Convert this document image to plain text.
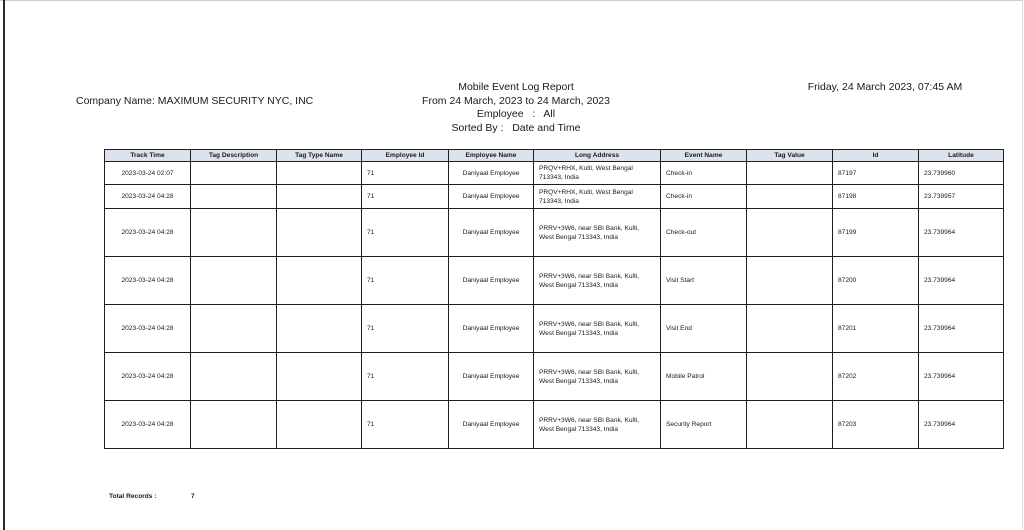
Company Name: MAXIMUM SECURITY NYC, INC
Mobile Event Log Report
From 24 March, 2023 to 24 March, 2023
Employee   :   All
Sorted By :   Date and Time
Friday, 24 March 2023, 07:45 AM
Track Time	Tag Description	Tag Type Name	Employee Id	Employee Name	Long Address	Event Name	Tag Value	Id	Latitude
2023-03-24 02:07			71	Daniyaal Employee	PRQV+RHX, Kulti, West Bengal 713343, India	Check-in		87197	23.739960
2023-03-24 04:28			71	Daniyaal Employee	PRQV+RHX, Kulti, West Bengal 713343, India	Check-in		87198	23.739957
2023-03-24 04:28			71	Daniyaal Employee	PRRV+3W6, near SBI Bank, Kulti, West Bengal 713343, India	Check-out		87199	23.739964
2023-03-24 04:28			71	Daniyaal Employee	PRRV+3W6, near SBI Bank, Kulti, West Bengal 713343, India	Visit Start		87200	23.739964
2023-03-24 04:28			71	Daniyaal Employee	PRRV+3W6, near SBI Bank, Kulti, West Bengal 713343, India	Visit End		87201	23.739964
2023-03-24 04:28			71	Daniyaal Employee	PRRV+3W6, near SBI Bank, Kulti, West Bengal 713343, India	Mobile Patrol		87202	23.739964
2023-03-24 04:28			71	Daniyaal Employee	PRRV+3W6, near SBI Bank, Kulti, West Bengal 713343, India	Security Report		87203	23.739964
Total Records :	7
